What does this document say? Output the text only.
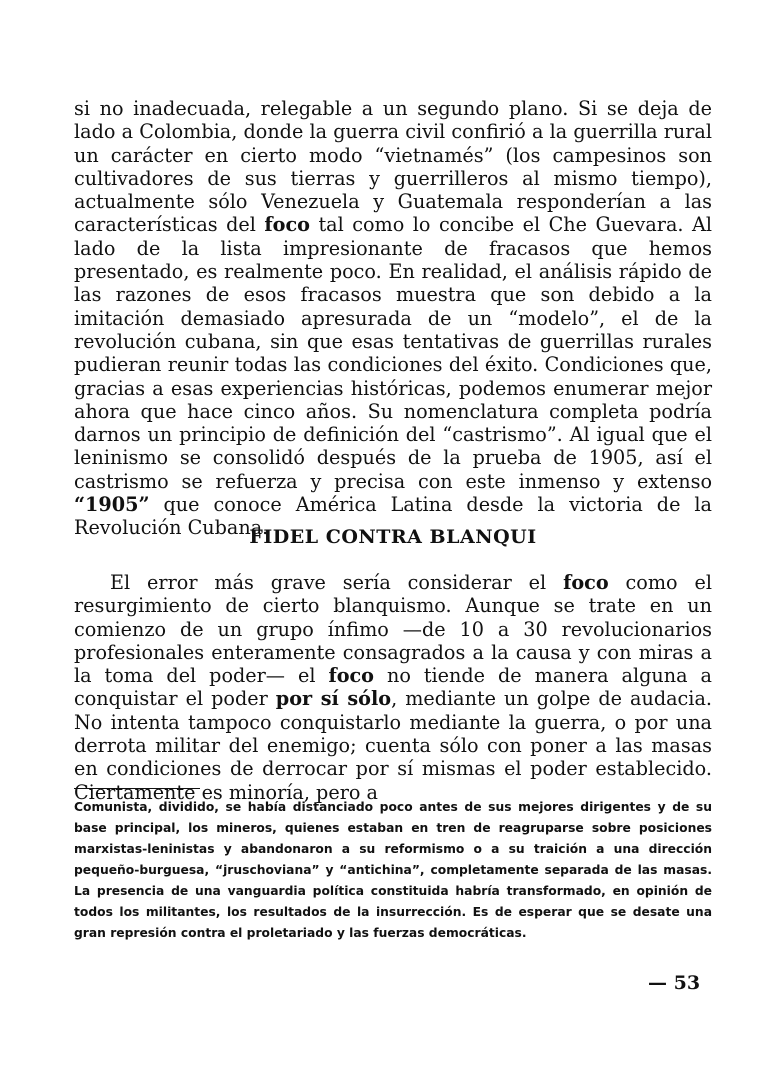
si no inadecuada, relegable a un segundo plano. Si se deja de lado a Colombia, donde la guerra civil confirió a la guerrilla rural un carácter en cierto modo “vietnamés” (los campesinos son cultivadores de sus tierras y guerrilleros al mismo tiempo), actualmente sólo Venezuela y Guatemala responderían a las características del foco tal como lo concibe el Che Guevara. Al lado de la lista impresionante de fracasos que hemos presentado, es realmente poco. En realidad, el análisis rápido de las razones de esos fracasos muestra que son debido a la imitación demasiado apresurada de un “modelo”, el de la revolución cubana, sin que esas tentativas de guerrillas rurales pudieran reunir todas las condiciones del éxito. Condiciones que, gracias a esas experiencias históricas, podemos enumerar mejor ahora que hace cinco años. Su nomenclatura completa podría darnos un principio de definición del “castrismo”. Al igual que el leninismo se consolidó después de la prueba de 1905, así el castrismo se refuerza y precisa con este inmenso y extenso “1905” que conoce América Latina desde la victoria de la Revolución Cubana.

FIDEL CONTRA BLANQUI

El error más grave sería considerar el foco como el resurgimiento de cierto blanquismo. Aunque se trate en un comienzo de un grupo ínfimo —de 10 a 30 revolucionarios profesionales enteramente consagrados a la causa y con miras a la toma del poder— el foco no tiende de manera alguna a conquistar el poder por sí sólo, mediante un golpe de audacia. No intenta tampoco conquistarlo mediante la guerra, o por una derrota militar del enemigo; cuenta sólo con poner a las masas en condiciones de derrocar por sí mismas el poder establecido. Ciertamente es minoría, pero a

Comunista, dividido, se había distanciado poco antes de sus mejores dirigentes y de su base principal, los mineros, quienes estaban en tren de reagruparse sobre posiciones marxistas-leninistas y abandonaron a su reformismo o a su traición a una dirección pequeño-burguesa, “jruschoviana” y “antichina”, completamente separada de las masas. La presencia de una vanguardia política constituida habría transformado, en opinión de todos los militantes, los resultados de la insurrección. Es de esperar que se desate una gran represión contra el proletariado y las fuerzas democráticas.

— 53
